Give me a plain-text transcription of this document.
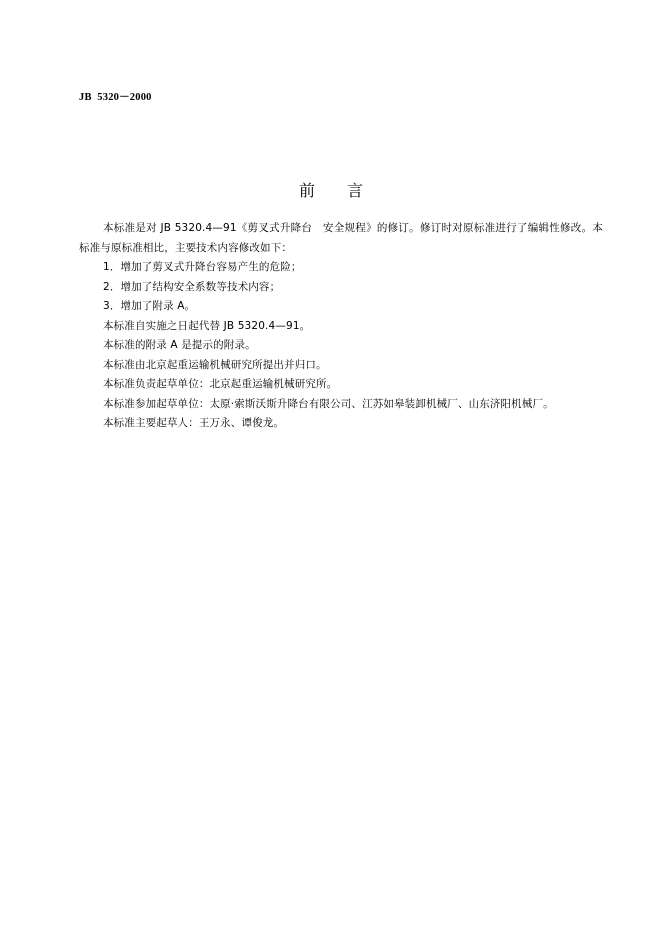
JB  5320－2000
前　　言

本标准是对 JB 5320.4—91《剪叉式升降台　安全规程》的修订。修订时对原标准进行了编辑性修改。本标准与原标准相比，主要技术内容修改如下：

1．增加了剪叉式升降台容易产生的危险；

2．增加了结构安全系数等技术内容；

3．增加了附录 A。

本标准自实施之日起代替 JB 5320.4—91。

本标准的附录 A 是提示的附录。

本标准由北京起重运输机械研究所提出并归口。

本标准负责起草单位：北京起重运输机械研究所。

本标准参加起草单位：太原·索斯沃斯升降台有限公司、江苏如皋装卸机械厂、山东济阳机械厂。

本标准主要起草人：王万永、谭俊龙。
